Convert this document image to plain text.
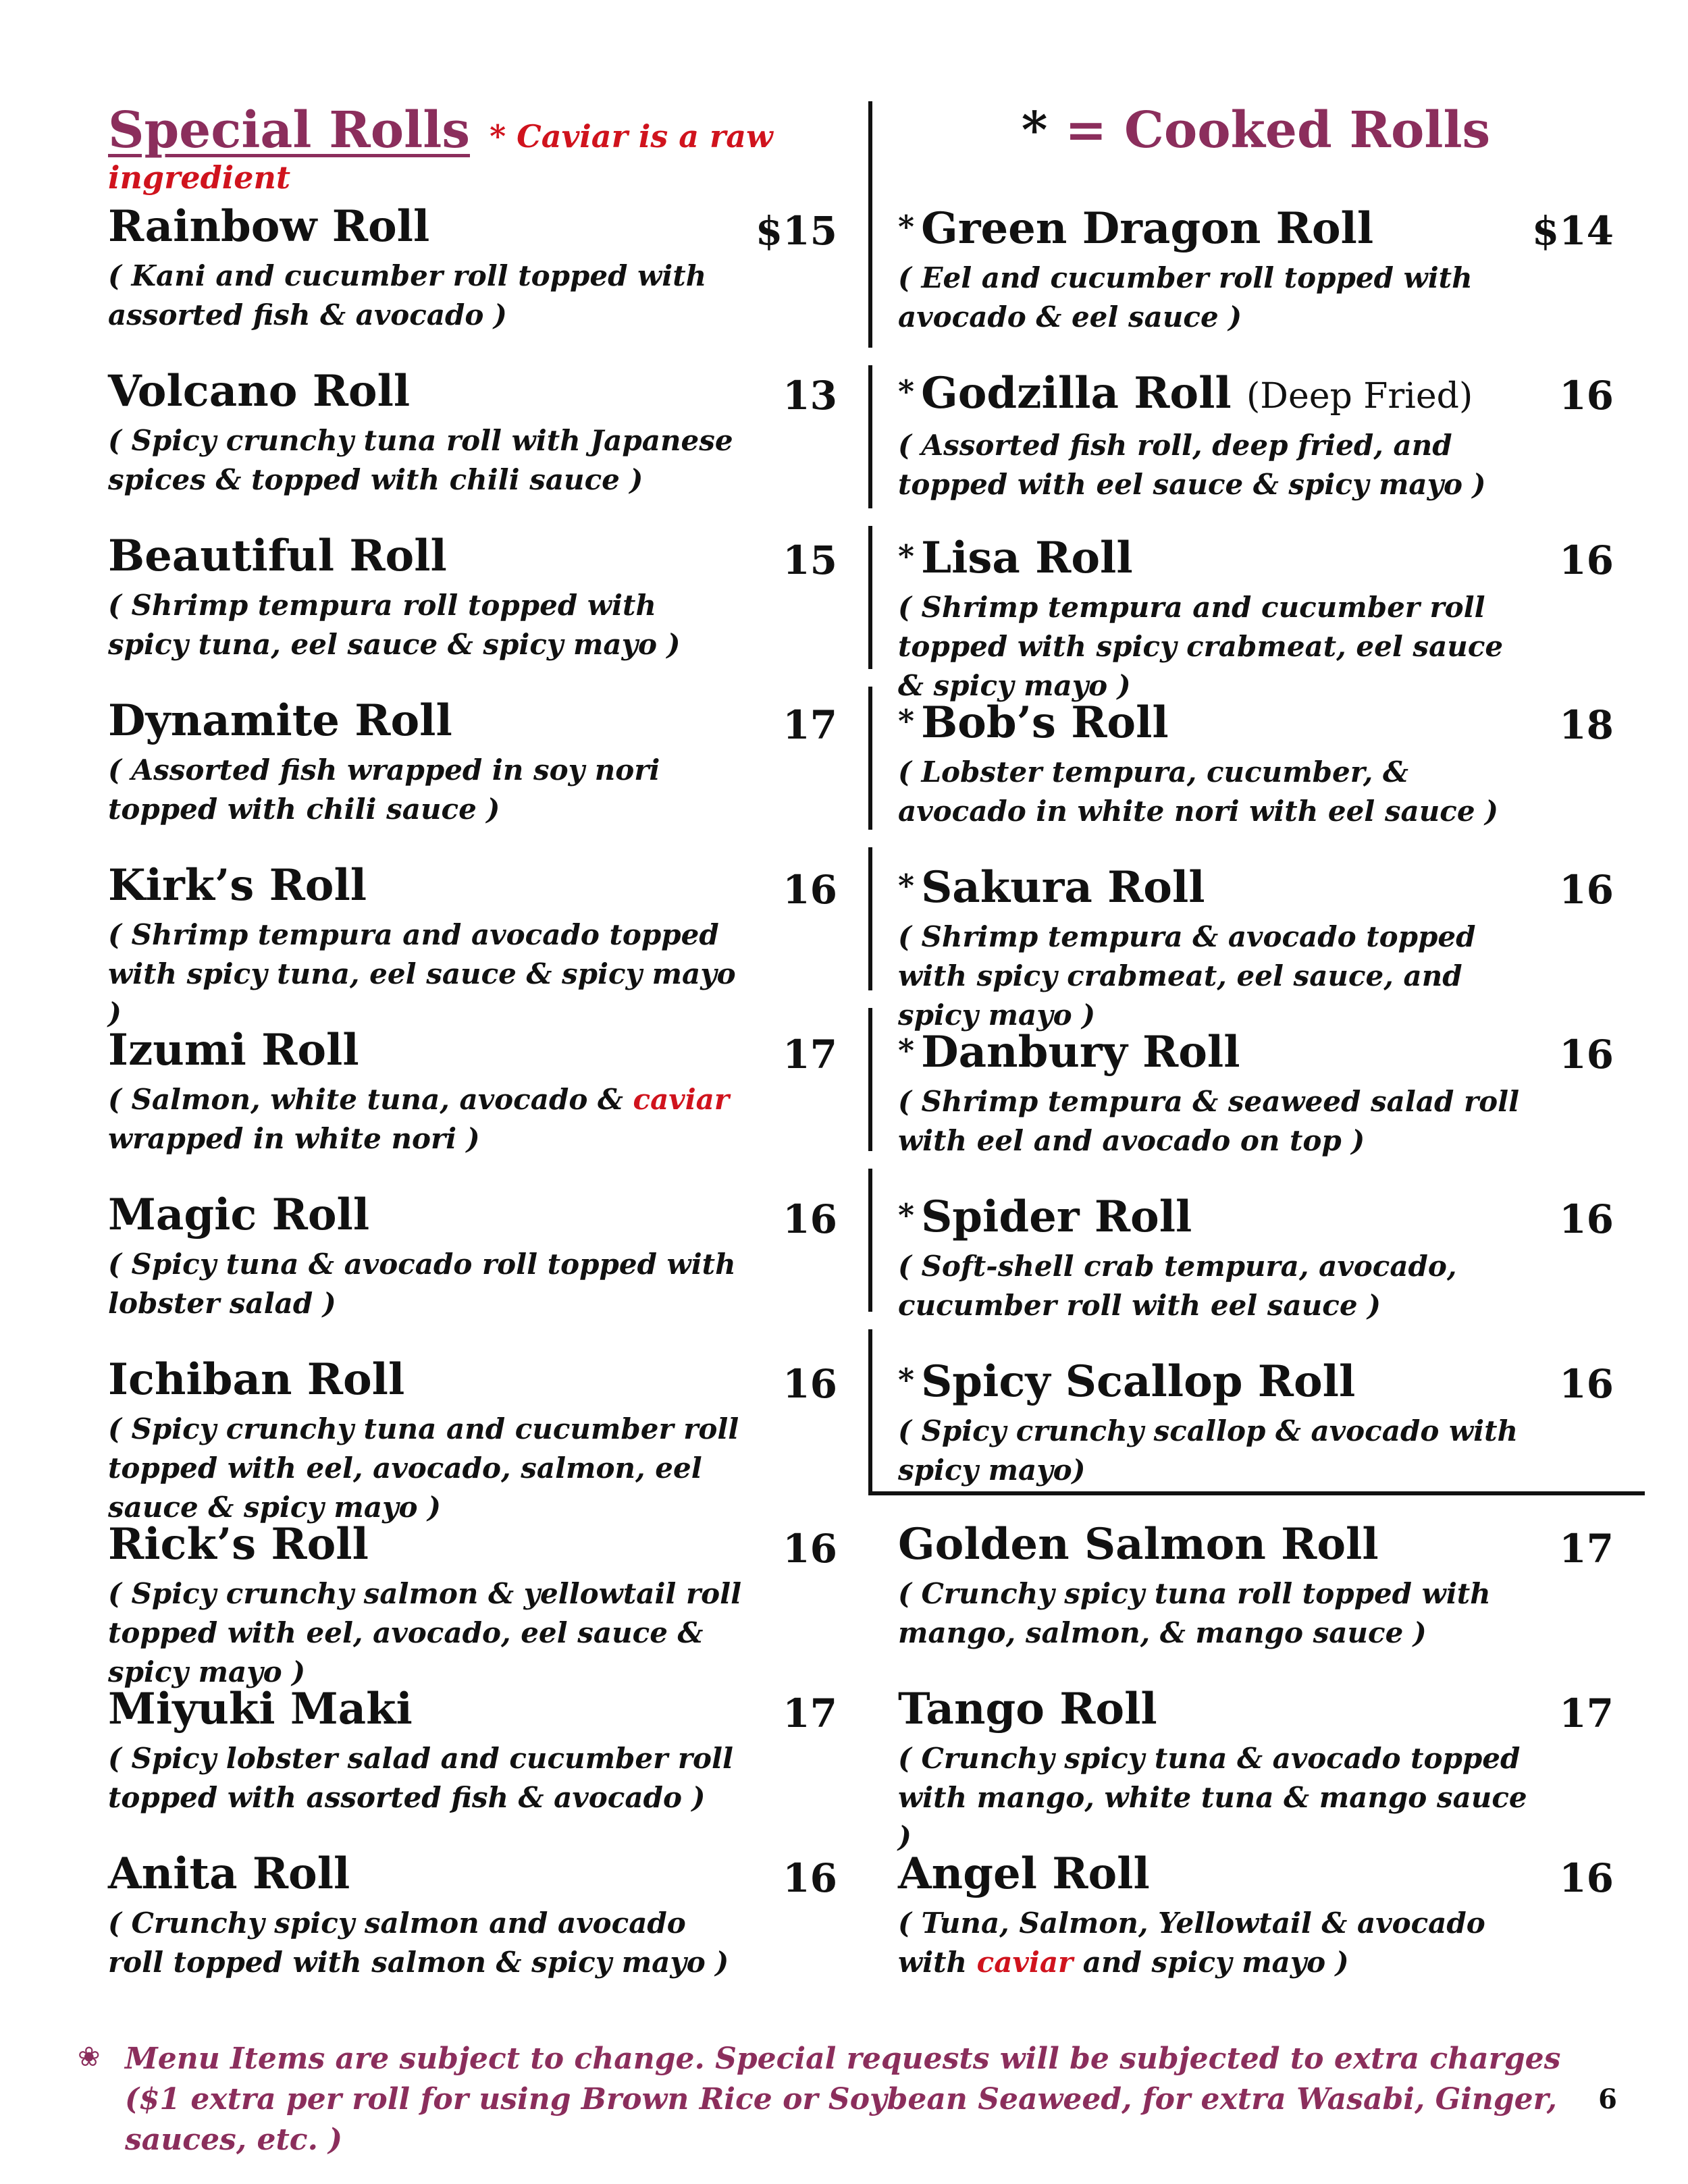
Special Rolls * Caviar is a raw ingredient
Rainbow Roll	$15
( Kani and cucumber roll topped with assorted fish & avocado )
Volcano Roll	13
( Spicy crunchy tuna roll with Japanese spices & topped with chili sauce )
Beautiful Roll	15
( Shrimp tempura roll topped with spicy tuna, eel sauce & spicy mayo )
Dynamite Roll	17
( Assorted fish wrapped in soy nori topped with chili sauce )
Kirk’s Roll	16
( Shrimp tempura and avocado topped with spicy tuna, eel sauce & spicy mayo )
Izumi Roll	17
( Salmon, white tuna, avocado & caviar wrapped in white nori )
Magic Roll	16
( Spicy tuna & avocado roll topped with lobster salad )
Ichiban Roll	16
( Spicy crunchy tuna and cucumber roll topped with eel, avocado, salmon, eel sauce & spicy mayo )
Rick’s Roll	16
( Spicy crunchy salmon & yellowtail roll topped with eel, avocado, eel sauce & spicy mayo )
Miyuki Maki	17
( Spicy lobster salad and cucumber roll topped with assorted fish & avocado )
Anita Roll	16
( Crunchy spicy salmon and avocado roll topped with salmon & spicy mayo )
* = Cooked Rolls
* Green Dragon Roll	$14
( Eel and cucumber roll topped with avocado & eel sauce )
* Godzilla Roll (Deep Fried)	16
( Assorted fish roll, deep fried, and topped with eel sauce & spicy mayo )
* Lisa Roll	16
( Shrimp tempura and cucumber roll topped with spicy crabmeat, eel sauce & spicy mayo )
* Bob’s Roll	18
( Lobster tempura, cucumber, & avocado in white nori with eel sauce )
* Sakura Roll	16
( Shrimp tempura & avocado topped with spicy crabmeat, eel sauce, and spicy mayo )
* Danbury Roll	16
( Shrimp tempura & seaweed salad roll with eel and avocado on top )
* Spider Roll	16
( Soft-shell crab tempura, avocado, cucumber roll with eel sauce )
* Spicy Scallop Roll	16
( Spicy crunchy scallop & avocado with spicy mayo)
Golden Salmon Roll	17
( Crunchy spicy tuna roll topped with mango, salmon, & mango sauce )
Tango Roll	17
( Crunchy spicy tuna & avocado topped with mango, white tuna & mango sauce )
Angel Roll	16
( Tuna, Salmon, Yellowtail & avocado with caviar and spicy mayo )
❀ Menu Items are subject to change. Special requests will be subjected to extra charges ($1 extra per roll for using Brown Rice or Soybean Seaweed, for extra Wasabi, Ginger, sauces, etc. )
6
